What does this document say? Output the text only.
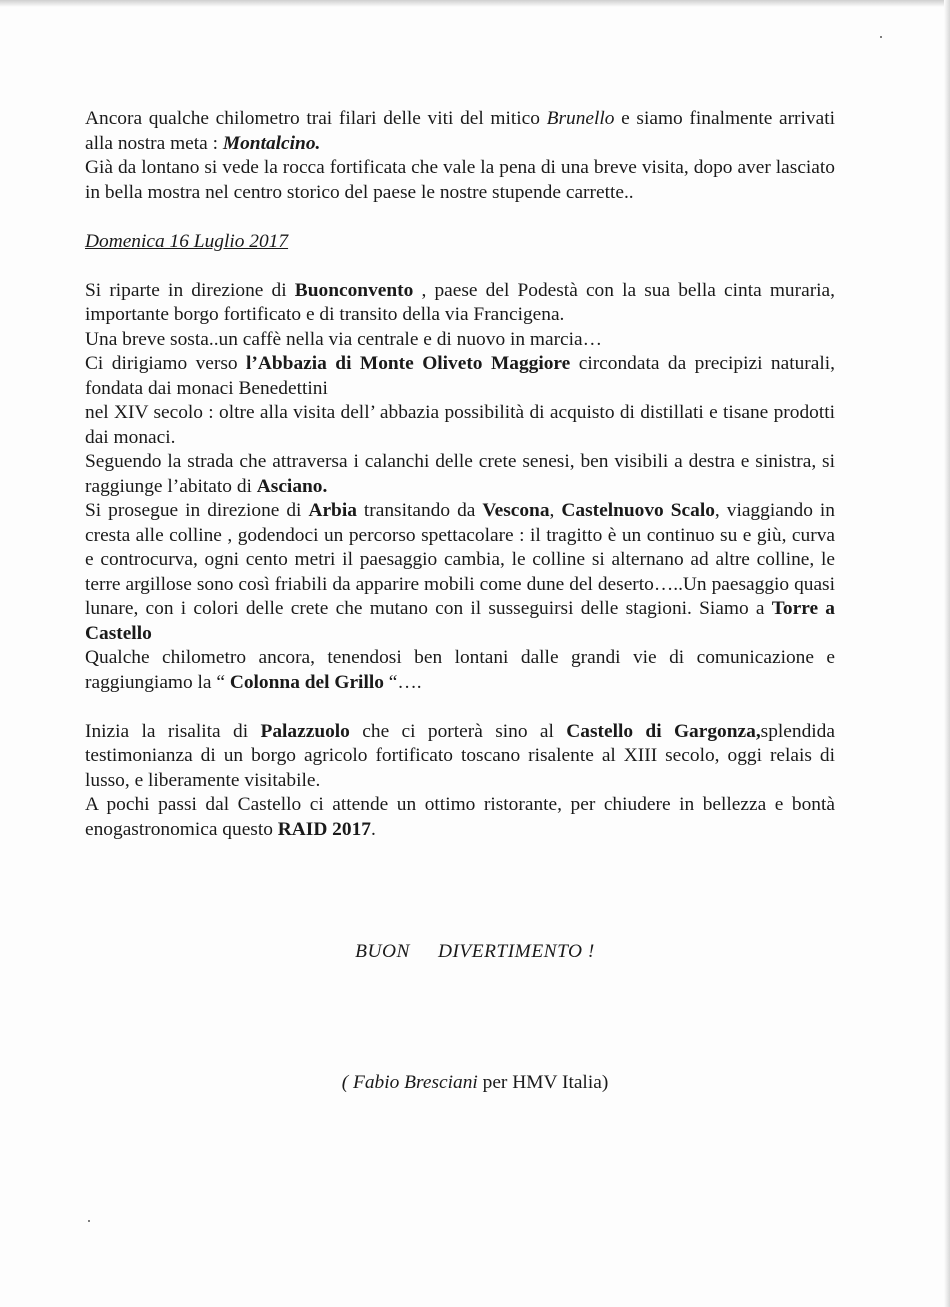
Ancora qualche chilometro trai filari delle viti del mitico Brunello e siamo finalmente arrivati alla nostra meta : Montalcino.

Già da lontano si vede la rocca fortificata che vale la pena di una breve visita, dopo aver lasciato in bella mostra nel centro storico del paese le nostre stupende carrette..

Domenica 16 Luglio 2017

Si riparte in direzione di Buonconvento , paese del Podestà con la sua bella cinta muraria, importante borgo fortificato e di transito della via Francigena.

Una breve sosta..un caffè nella via centrale e di nuovo in marcia…

Ci dirigiamo verso l’Abbazia di Monte Oliveto Maggiore circondata da precipizi naturali, fondata dai monaci Benedettini

nel XIV secolo : oltre alla visita dell’ abbazia possibilità di acquisto di distillati e tisane prodotti dai monaci.

Seguendo la strada che attraversa i calanchi delle crete senesi, ben visibili a destra e sinistra, si raggiunge l’abitato di Asciano.

Si prosegue in direzione di Arbia transitando da Vescona, Castelnuovo Scalo, viaggiando in cresta alle colline , godendoci un percorso spettacolare : il tragitto è un continuo su e giù, curva e controcurva, ogni cento metri il paesaggio cambia, le colline si alternano ad altre colline, le terre argillose sono così friabili da apparire mobili come dune del deserto…..Un paesaggio quasi lunare, con i colori delle crete che mutano con il susseguirsi delle stagioni. Siamo a Torre a Castello

Qualche chilometro ancora, tenendosi ben lontani dalle grandi vie di comunicazione e raggiungiamo la “ Colonna del Grillo “….

Inizia la risalita di Palazzuolo che ci porterà sino al Castello di Gargonza,splendida testimonianza di un borgo agricolo fortificato toscano risalente al XIII secolo, oggi relais di lusso, e liberamente visitabile.

A pochi passi dal Castello ci attende un ottimo ristorante, per chiudere in bellezza e bontà enogastronomica questo RAID 2017.

BUON DIVERTIMENTO !
( Fabio Bresciani per HMV Italia)
